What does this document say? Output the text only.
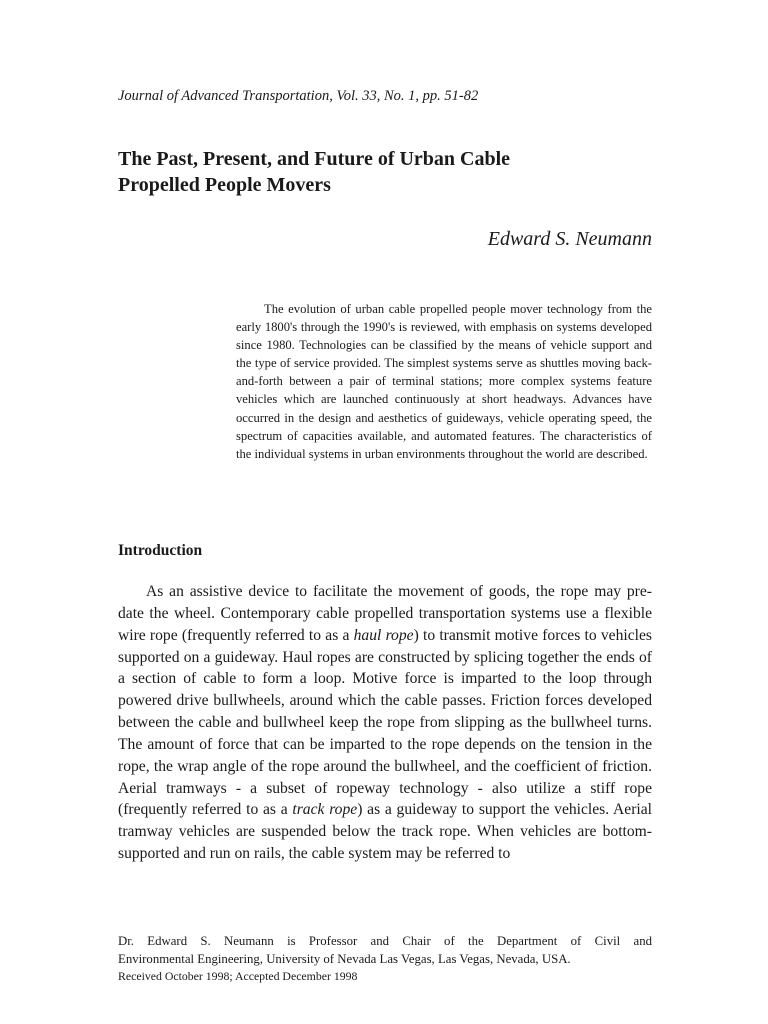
Journal of Advanced Transportation, Vol. 33, No. 1, pp. 51-82
The Past, Present, and Future of Urban Cable
Propelled People Movers
Edward S. Neumann

The evolution of urban cable propelled people mover technology from the early 1800's through the 1990's is reviewed, with emphasis on systems developed since 1980. Technologies can be classified by the means of vehicle support and the type of service provided. The simplest systems serve as shuttles moving back-and-forth between a pair of terminal stations; more complex systems feature vehicles which are launched continuously at short headways. Advances have occurred in the design and aesthetics of guideways, vehicle operating speed, the spectrum of capacities available, and automated features. The characteristics of the individual systems in urban environments throughout the world are described.

Introduction

As an assistive device to facilitate the movement of goods, the rope may pre-date the wheel. Contemporary cable propelled transportation systems use a flexible wire rope (frequently referred to as a haul rope) to transmit motive forces to vehicles supported on a guideway. Haul ropes are constructed by splicing together the ends of a section of cable to form a loop. Motive force is imparted to the loop through powered drive bullwheels, around which the cable passes. Friction forces developed between the cable and bullwheel keep the rope from slipping as the bullwheel turns. The amount of force that can be imparted to the rope depends on the tension in the rope, the wrap angle of the rope around the bullwheel, and the coefficient of friction. Aerial tramways - a subset of ropeway technology - also utilize a stiff rope (frequently referred to as a track rope) as a guideway to support the vehicles. Aerial tramway vehicles are suspended below the track rope. When vehicles are bottom-supported and run on rails, the cable system may be referred to

Dr. Edward S. Neumann is Professor and Chair of the Department of Civil and
Environmental Engineering, University of Nevada Las Vegas, Las Vegas, Nevada, USA.
Received October 1998; Accepted December 1998
